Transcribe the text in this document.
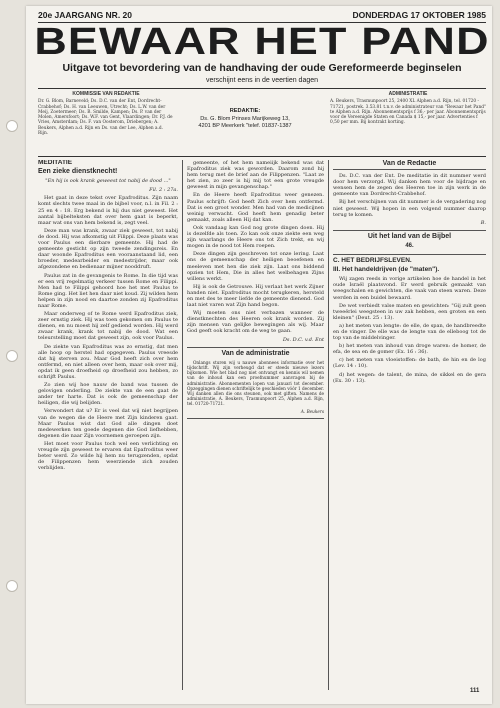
20e JAARGANG NR. 20	DONDERDAG 17 OKTOBER 1985
BEWAAR HET PAND
Uitgave tot bevordering van de handhaving der oude Gereformeerde beginselen
verschijnt eens in de veertien dagen
KOMMISSIE VAN REDAKTIE
Dr. G. Blom, Barneveld; Ds. D.C. van der Ent, Dordrecht-Crabbehof; Ds. H. van Leeuwen, Utrecht; Ds. L.W. van der Meij, Zoetermeer; Ds. B. Smilde, Kampen; Ds. P. van der Molen, Amersfoort; Ds. W.F. van Gent, Vlaardingen; Dr. P.J. de Vries, Amsterdam; Ds. F. van Oosterom, Driebergen; A. Beukers, Alphen a.d. Rijn en Ds. van der Lee, Alphen a.d. Rijn.
REDAKTIE:
Ds. G. Blom Prinses Marijkeweg 13,
4201 BP Meerkerk "telef. 01837-1387
ADMINISTRATIE
A. Beukers, Trasmunpoort 25, 2400 XL Alphen a.d. Rijn, tel. 01720 - 71721, postrek. 3.53.81 t.n.v. de administrateur van "Bewaar het Pand" te Alphen a.d. Rijn. Abonnementsprijs f 36,- per jaar. Abonnementsprijs voor de Vereenigde Staten en Canada $ 15,- per jaar. Advertenties f 0,50 per mm. Bij kontrakt korting.

MEDITATIE

Een zieke dienstknecht!

"En hij is ook krank geweest tot nabij de dood ..."

Fil. 2 : 27a.

Het gaat in deze tekst over Epafroditus. Zijn naam komt slechts twee maal in de bijbel voor, n.l. in Fil. 2 : 25 en 4 : 18. Erg bekend is hij dus niet geweest. Het aantal bijbelteksten dat over hem gaat is beperkt, maar wat ons van hem bekend is, zegt veel.

Deze man was krank, zwaar ziek geweest, tot nabij de dood. Hij was afkomstig uit Filippi. Deze plaats was voor Paulus een dierbare gemeente. Hij had de gemeente gesticht op zijn tweede zendingsreis. En daar woonde Epafroditus een vooraanstaand lid, een broeder, medearbeider en medestrijder, maar ook afgezondene en bedienaar mijner nooddruft.

Paulus zat in de gevangenis te Rome. In die tijd was er een vrij regelmatig verkeer tussen Rome en Filippi. Men had te Filippi gehoord hoe het met Paulus te Rome ging. Het liet hen daar niet koud. Zij wilden hem helpen in zijn nood en daartoe zonden zij Epafroditus naar Rome.

Maar onderweg of te Rome werd Epafroditus ziek, zeer ernstig ziek. Hij was toen gekomen om Paulus te dienen, en nu moest hij zelf gediend worden. Hij werd zwaar krank, krank tot nabij de dood. Wat een teleurstelling moet dat geweest zijn, ook voor Paulus.

De ziekte van Epafroditus was zo ernstig, dat men alle hoop op herstel had opgegeven. Paulus vreesde dat hij sterven zou. Maar God heeft zich over hem ontfermd, en niet alleen over hem, maar ook over mij, opdat ik geen droefheid op droefheid zou hebben, zo schrijft Paulus.

Zo zien wij hoe nauw de band was tussen de gelovigen onderling. De ziekte van de een gaat de ander ter harte. Dat is ook de gemeenschap der heiligen, die wij belijden.

Verwondert dat u? Er is veel dat wij niet begrijpen van de wegen die de Heere met Zijn kinderen gaat. Maar Paulus wist dat God alle dingen doet medewerken ten goede degenen die God liefhebben, degenen die naar Zijn voornemen geroepen zijn.

Het moet voor Paulus toch wel een verlichting en vreugde zijn geweest te ervaren dat Epafroditus weer beter werd. Zo wilde hij hem nu terugzenden, opdat de Filippenzen hem weerziende zich zouden verblijden.

gemeente, of het hem nameiijk bekend was dat Epafroditus ziek was geworden. Daarom zond hij hem terug met de brief aan de Filippenzen. "Laat ze het zien, zo zeer is hij mij tot een grote vreugde geweest in mijn gevangenschap."

En de Heere heeft Epafroditus weer genezen. Paulus schrijft: God heeft Zich over hem ontfermd. Dat is een groot wonder. Men had van de medicijnen weinig verwacht. God heeft hem genadig beter gemaakt, zoals alleen Hij dat kan.

Ook vandaag kan God nog grote dingen doen. Hij is dezelfde als toen. Zo kan ook onze ziekte een weg zijn waarlangs de Heere ons tot Zich trekt, en wij mogen in de nood tot Hem roepen.

Deze dingen zijn geschreven tot onze lering. Laat ons de gemeenschap der heiligen beoefenen en meeleven met hen die ziek zijn. Laat ons biddend opzien tot Hem, Die in alles het welbehagen Zijns willens werkt.

Hij is ook de Getrouwe. Hij verlaat het werk Zijner handen niet. Epafroditus mocht terugkeren, hersteld en met des te meer liefde de gemeente dienend. God laat niet varen wat Zijn hand begon.

Wij moeten ons niet verbazen wanneer de dienstknechten des Heeren ook krank worden. Zij zijn mensen van gelijke bewegingen als wij. Maar God geeft ook kracht om de weg te gaan.

Ds. D.C. v.d. Ent

Van de administratie

Onlangs sturen wij u nauwe abonnees informatie over het tijdschrift. Wij zijn verheugd dat er steeds nieuwe lezers bijkomen. Wie het blad nog niet ontvangt en kennis wil nemen van de inhoud kan een proefnummer aanvragen bij de administratie. Abonnementen lopen van januari tot december. Opzeggingen dienen schriftelijk te geschieden vóór 1 december. Wij danken allen die ons steunen, ook met giften. Namens de administratie, A. Beukers, Trasmunpoort 25, Alphen a.d. Rijn, tel. 01720-71721.

A. Beukers

Van de Redactie

Ds. D.C. van der Ent. De meditatie in dit nummer werd door hem verzorgd. Wij danken hem voor de bijdrage en wensen hem de zegen des Heeren toe in zijn werk in de gemeente van Dordrecht-Crabbehof.

Bij het verschijnen van dit nummer is de vergadering nog niet geweest. Wij hopen in een volgend nummer daarop terug te komen.

B.

Uit het land van de Bijbel

46.

C. HET BEDRIJFSLEVEN.

III. Het handeldrijven (de "maten").

Wij zagen reeds in vorige artikelen hoe de handel in het oude Israël plaatsvond. Er werd gebruik gemaakt van weegschalen en gewichten, die vaak van steen waren. Deze werden in een buidel bewaard.

De wet verbiedt valse maten en gewichten: "Gij zult geen tweeërlei weegsteen in uw zak hebben, een groten en een kleinen" (Deut. 25 : 13).

a) het meten van lengte: de elle, de span, de handbreedte en de vinger. De elle was de lengte van de elleboog tot de top van de middelvinger.

b) het meten van inhoud van droge waren: de homer, de efa, de sea en de gomer (Ex. 16 : 36).

c) het meten van vloeistoffen: de bath, de hin en de log (Lev. 14 : 10).

d) het wegen: de talent, de mina, de sikkel en de gera (Ex. 30 : 13).

111
